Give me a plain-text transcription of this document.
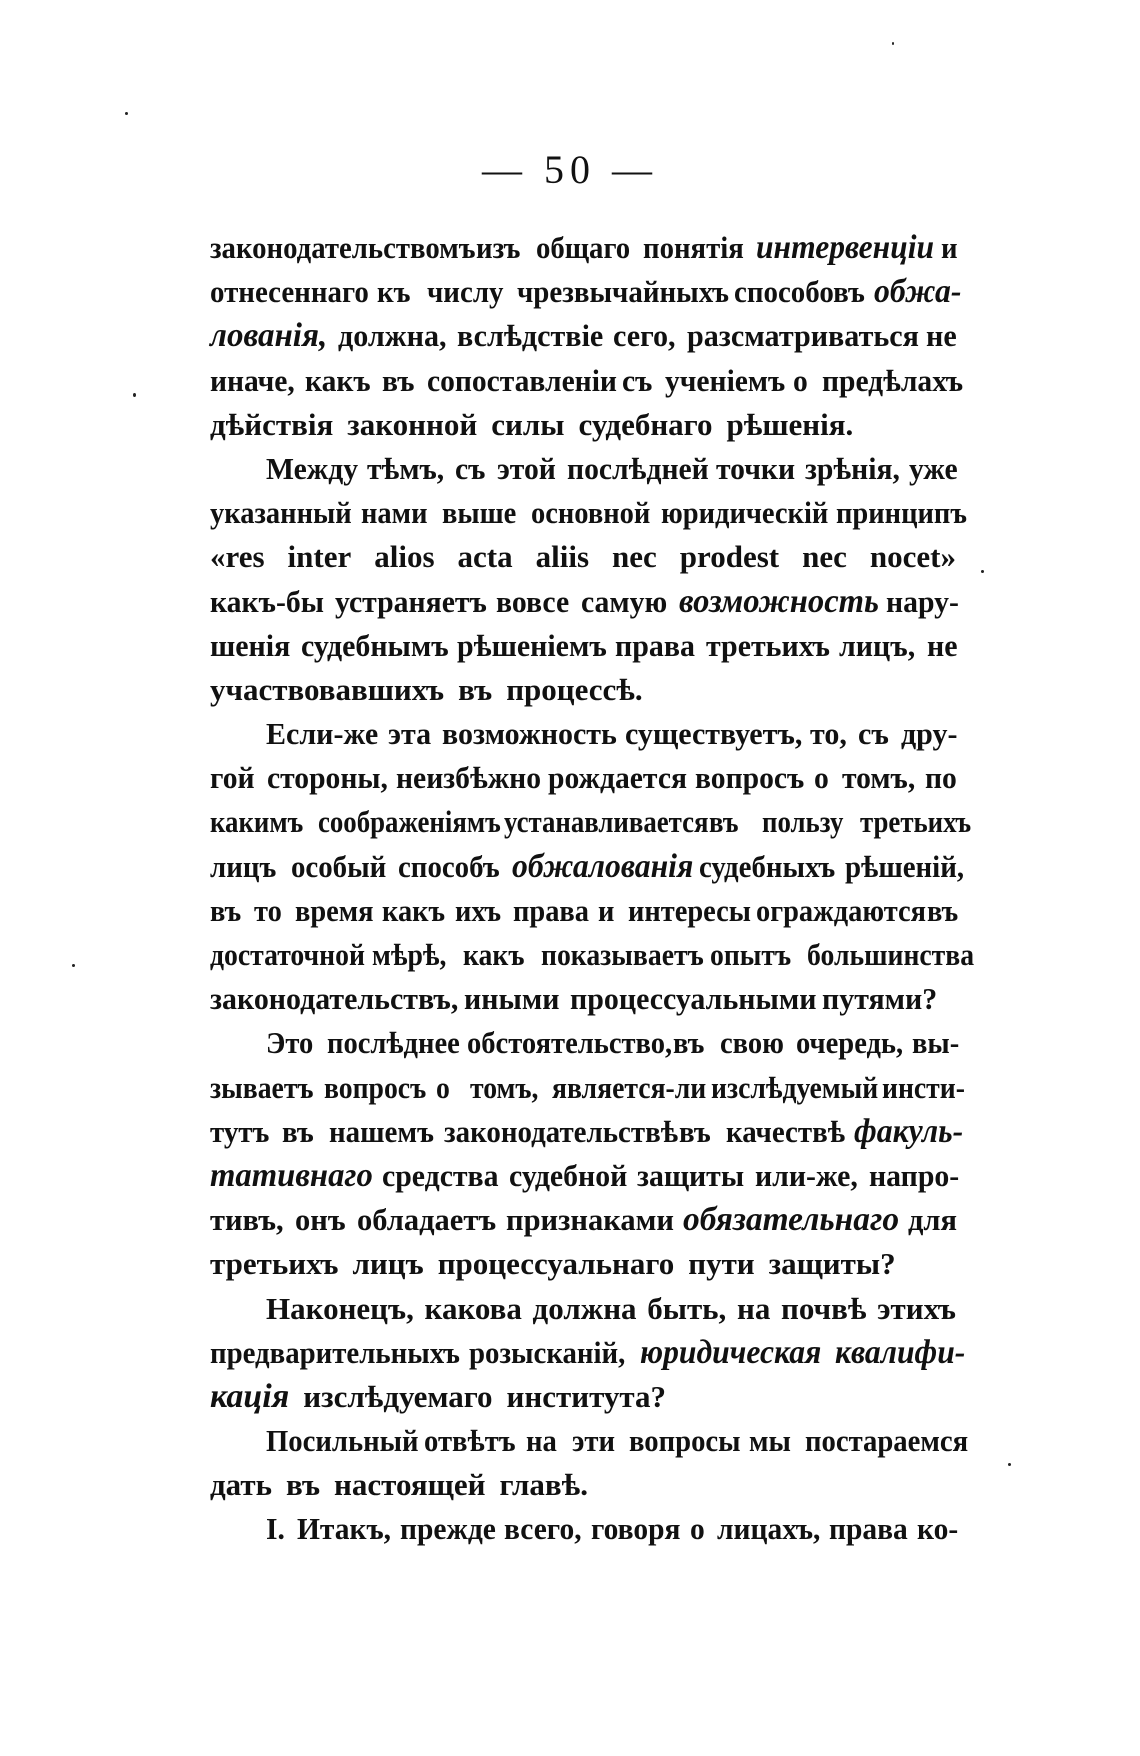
— 50 —
законодательствомъ изъ общаго понятія интервенціи и
отнесеннаго къ числу чрезвычайныхъ способовъ обжа-
лованія, должна, вслѣдствіе сего, разсматриваться не
иначе, какъ въ сопоставленіи съ ученіемъ о предѣлахъ
дѣйствія законной силы судебнаго рѣшенія.
Между тѣмъ, съ этой послѣдней точки зрѣнія, уже
указанный нами выше основной юридическій принципъ
«res inter alios acta aliis nec prodest nec nocet»
какъ-бы устраняетъ вовсе самую возможность нару-
шенія судебнымъ рѣшеніемъ права третьихъ лицъ, не
участвовавшихъ въ процессѣ.
Если-же эта возможность существуетъ, то, съ дру-
гой стороны, неизбѣжно рождается вопросъ о томъ, по
какимъ соображеніямъ устанавливается въ пользу третьихъ
лицъ особый способъ обжалованія судебныхъ рѣшеній,
въ то время какъ ихъ права и интересы ограждаются въ
достаточной мѣрѣ, какъ показываетъ опытъ большинства
законодательствъ, иными процессуальными путями?
Это послѣднее обстоятельство, въ свою очередь, вы-
зываетъ вопросъ о томъ, является-ли изслѣдуемый инсти-
тутъ въ нашемъ законодательствѣ въ качествѣ факуль-
тативнаго средства судебной защиты или-же, напро-
тивъ, онъ обладаетъ признаками обязательнаго для
третьихъ лицъ процессуальнаго пути защиты?
Наконецъ, какова должна быть, на почвѣ этихъ
предварительныхъ розысканій, юридическая квалифи-
кація изслѣдуемаго института?
Посильный отвѣтъ на эти вопросы мы постараемся
дать въ настоящей главѣ.
I. Итакъ, прежде всего, говоря о лицахъ, права ко-
